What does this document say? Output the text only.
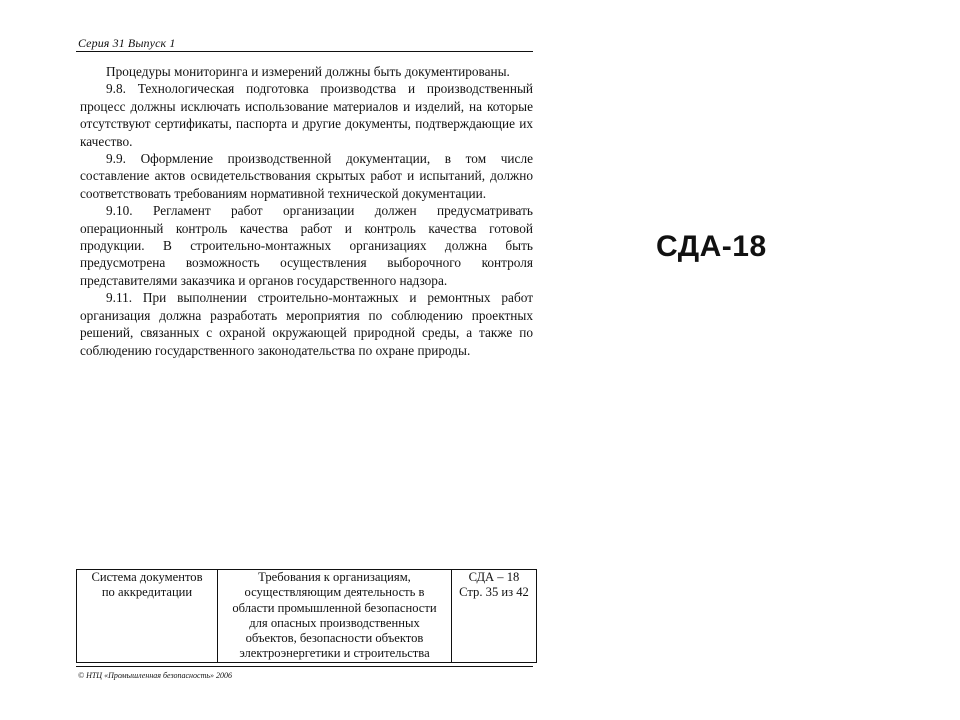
Серия 31 Выпуск 1

Процедуры мониторинга и измерений должны быть документированы.

9.8. Технологическая подготовка производства и производственный процесс должны исключать использование материалов и изделий, на которые отсутствуют сертификаты, паспорта и другие документы, подтверждающие их качество.

9.9. Оформление производственной документации, в том числе составление актов освидетельствования скрытых работ и испытаний, должно соответствовать требованиям нормативной технической документации.

9.10. Регламент работ организации должен предусматривать операционный контроль качества работ и контроль качества готовой продукции. В строительно-монтажных организациях должна быть предусмотрена возможность осуществления выборочного контроля представителями заказчика и органов государственного надзора.

9.11. При выполнении строительно-монтажных и ремонтных работ организация должна разработать мероприятия по соблюдению проектных решений, связанных с охраной окружающей природной среды, а также по соблюдению государственного законодательства по охране природы.

СДА-18
Система документов
по аккредитации

Требования к организациям,
осуществляющим деятельность в
области промышленной безопасности
для опасных производственных
объектов, безопасности объектов
электроэнергетики и строительства

СДА – 18
Стр. 35 из 42
© НТЦ «Промышленная безопасность» 2006
